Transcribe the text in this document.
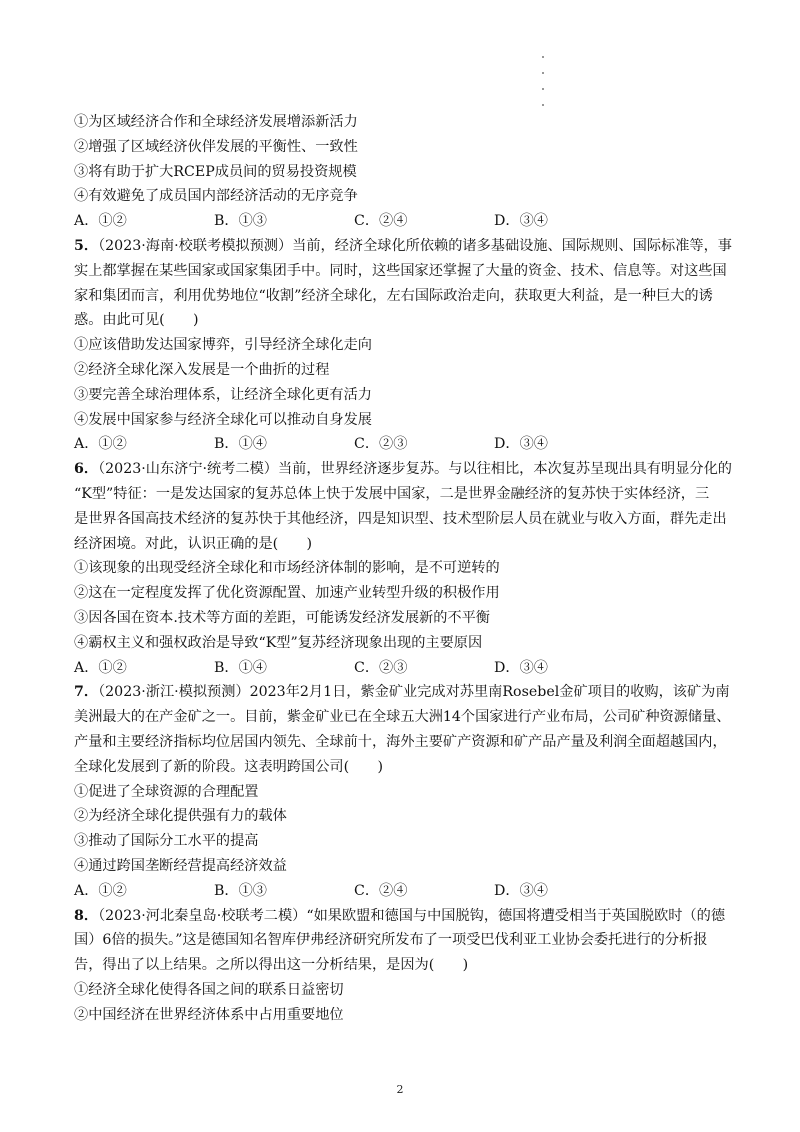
①为区域经济合作和全球经济发展增添新活力
②增强了区域经济伙伴发展的平衡性、一致性
③将有助于扩大RCEP成员间的贸易投资规模
④有效避免了成员国内部经济活动的无序竞争
A．①②	B．①③	C．②④	D．③④
5．（2023·海南·校联考模拟预测）当前，经济全球化所依赖的诸多基础设施、国际规则、国际标准等，事
实上都掌握在某些国家或国家集团手中。同时，这些国家还掌握了大量的资金、技术、信息等。对这些国
家和集团而言，利用优势地位“收割”经济全球化，左右国际政治走向，获取更大利益，是一种巨大的诱
惑。由此可见(　　)
①应该借助发达国家博弈，引导经济全球化走向
②经济全球化深入发展是一个曲折的过程
③要完善全球治理体系，让经济全球化更有活力
④发展中国家参与经济全球化可以推动自身发展
A．①②	B．①④	C．②③	D．③④
6．（2023·山东济宁·统考二模）当前，世界经济逐步复苏。与以往相比，本次复苏呈现出具有明显分化的
“K型”特征：一是发达国家的复苏总体上快于发展中国家，二是世界金融经济的复苏快于实体经济，三
是世界各国高技术经济的复苏快于其他经济，四是知识型、技术型阶层人员在就业与收入方面，群先走出
经济困境。对此，认识正确的是(　　)
①该现象的出现受经济全球化和市场经济体制的影响，是不可逆转的
②这在一定程度发挥了优化资源配置、加速产业转型升级的积极作用
③因各国在资本.技术等方面的差距，可能诱发经济发展新的不平衡
④霸权主义和强权政治是导致“K型”复苏经济现象出现的主要原因
A．①②	B．①④	C．②③	D．③④
7．（2023·浙江·模拟预测）2023年2月1日，紫金矿业完成对苏里南Rosebel金矿项目的收购，该矿为南
美洲最大的在产金矿之一。目前，紫金矿业已在全球五大洲14个国家进行产业布局，公司矿种资源储量、
产量和主要经济指标均位居国内领先、全球前十，海外主要矿产资源和矿产品产量及利润全面超越国内，
全球化发展到了新的阶段。这表明跨国公司(　　)
①促进了全球资源的合理配置
②为经济全球化提供强有力的载体
③推动了国际分工水平的提高
④通过跨国垄断经营提高经济效益
A．①②	B．①③	C．②④	D．③④
8．（2023·河北秦皇岛·校联考二模）“如果欧盟和德国与中国脱钩，德国将遭受相当于英国脱欧时（的德
国）6倍的损失。”这是德国知名智库伊弗经济研究所发布了一项受巴伐利亚工业协会委托进行的分析报
告，得出了以上结果。之所以得出这一分析结果，是因为(　　)
①经济全球化使得各国之间的联系日益密切
②中国经济在世界经济体系中占用重要地位
2
